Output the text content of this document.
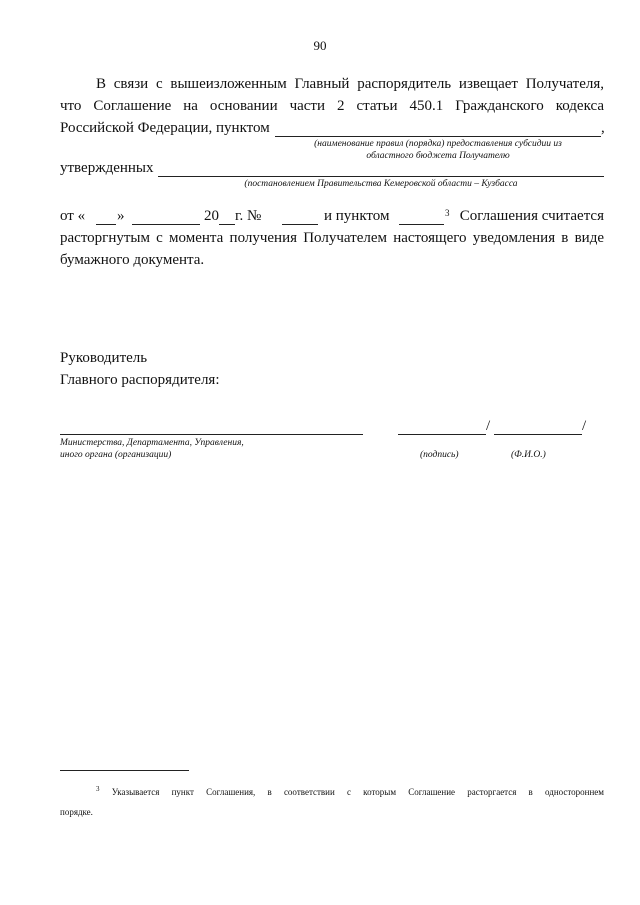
90
В связи с вышеизложенным Главный распорядитель извещает Получателя,
что Соглашение на основании части 2 статьи 450.1 Гражданского кодекса
Российской Федерации, пунктом	,
(наименование правил (порядка) предоставления субсидии из
областного бюджета Получателю
утвержденных
(постановлением Правительства Кемеровской области – Кузбасса
от « »	20 г. №	и пунктом	$^3$ Соглашения считается
расторгнутым с момента получения Получателем настоящего уведомления в виде
бумажного документа.
Руководитель
Главного распорядителя:
Министерства, Департамента, Управления,
иного органа (организации)
/	/
(подпись)	(Ф.И.О.)
$^3$ Указывается пункт Соглашения, в соответствии с которым Соглашение расторгается в одностороннем
порядке.
